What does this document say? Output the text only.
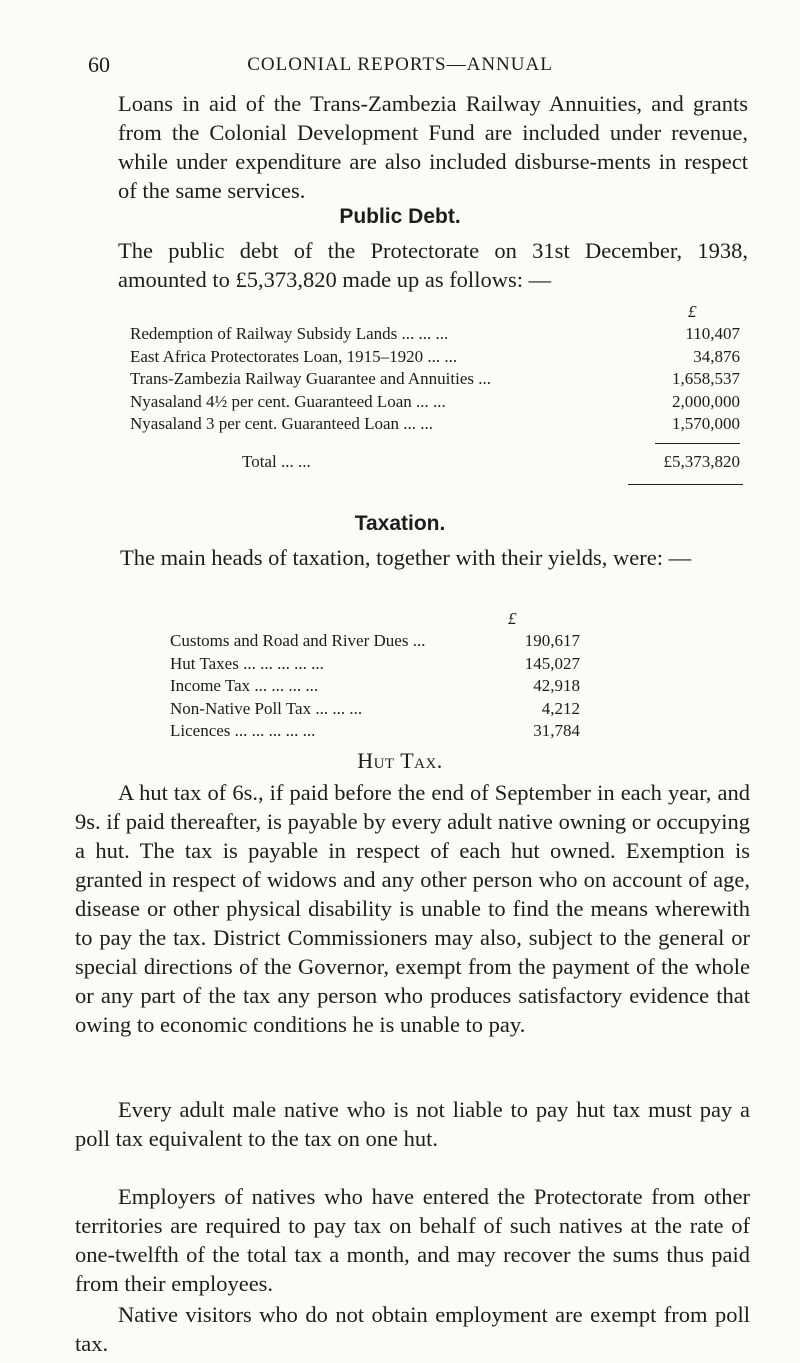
60	COLONIAL REPORTS—ANNUAL

Loans in aid of the Trans-Zambezia Railway Annuities, and grants from the Colonial Development Fund are included under revenue, while under expenditure are also included disburse-ments in respect of the same services.

Public Debt.

The public debt of the Protectorate on 31st December, 1938, amounted to £5,373,820 made up as follows: —

£
Redemption of Railway Subsidy Lands ... ... ...	110,407
East Africa Protectorates Loan, 1915–1920 ... ...	34,876
Trans-Zambezia Railway Guarantee and Annuities ...	1,658,537
Nyasaland 4½ per cent. Guaranteed Loan ... ...	2,000,000
Nyasaland 3 per cent. Guaranteed Loan ... ...	1,570,000
Total ... ...	£5,373,820
Taxation.

The main heads of taxation, together with their yields, were: —

£
Customs and Road and River Dues ...	190,617
Hut Taxes ... ... ... ... ...	145,027
Income Tax ... ... ... ...	42,918
Non-Native Poll Tax ... ... ...	4,212
Licences ... ... ... ... ...	31,784
Hut Tax.

A hut tax of 6s., if paid before the end of September in each year, and 9s. if paid thereafter, is payable by every adult native owning or occupying a hut. The tax is payable in respect of each hut owned. Exemption is granted in respect of widows and any other person who on account of age, disease or other physical disability is unable to find the means wherewith to pay the tax. District Commissioners may also, subject to the general or special directions of the Governor, exempt from the payment of the whole or any part of the tax any person who produces satisfactory evidence that owing to economic conditions he is unable to pay.

Every adult male native who is not liable to pay hut tax must pay a poll tax equivalent to the tax on one hut.

Employers of natives who have entered the Protectorate from other territories are required to pay tax on behalf of such natives at the rate of one-twelfth of the total tax a month, and may recover the sums thus paid from their employees.

Native visitors who do not obtain employment are exempt from poll tax.
